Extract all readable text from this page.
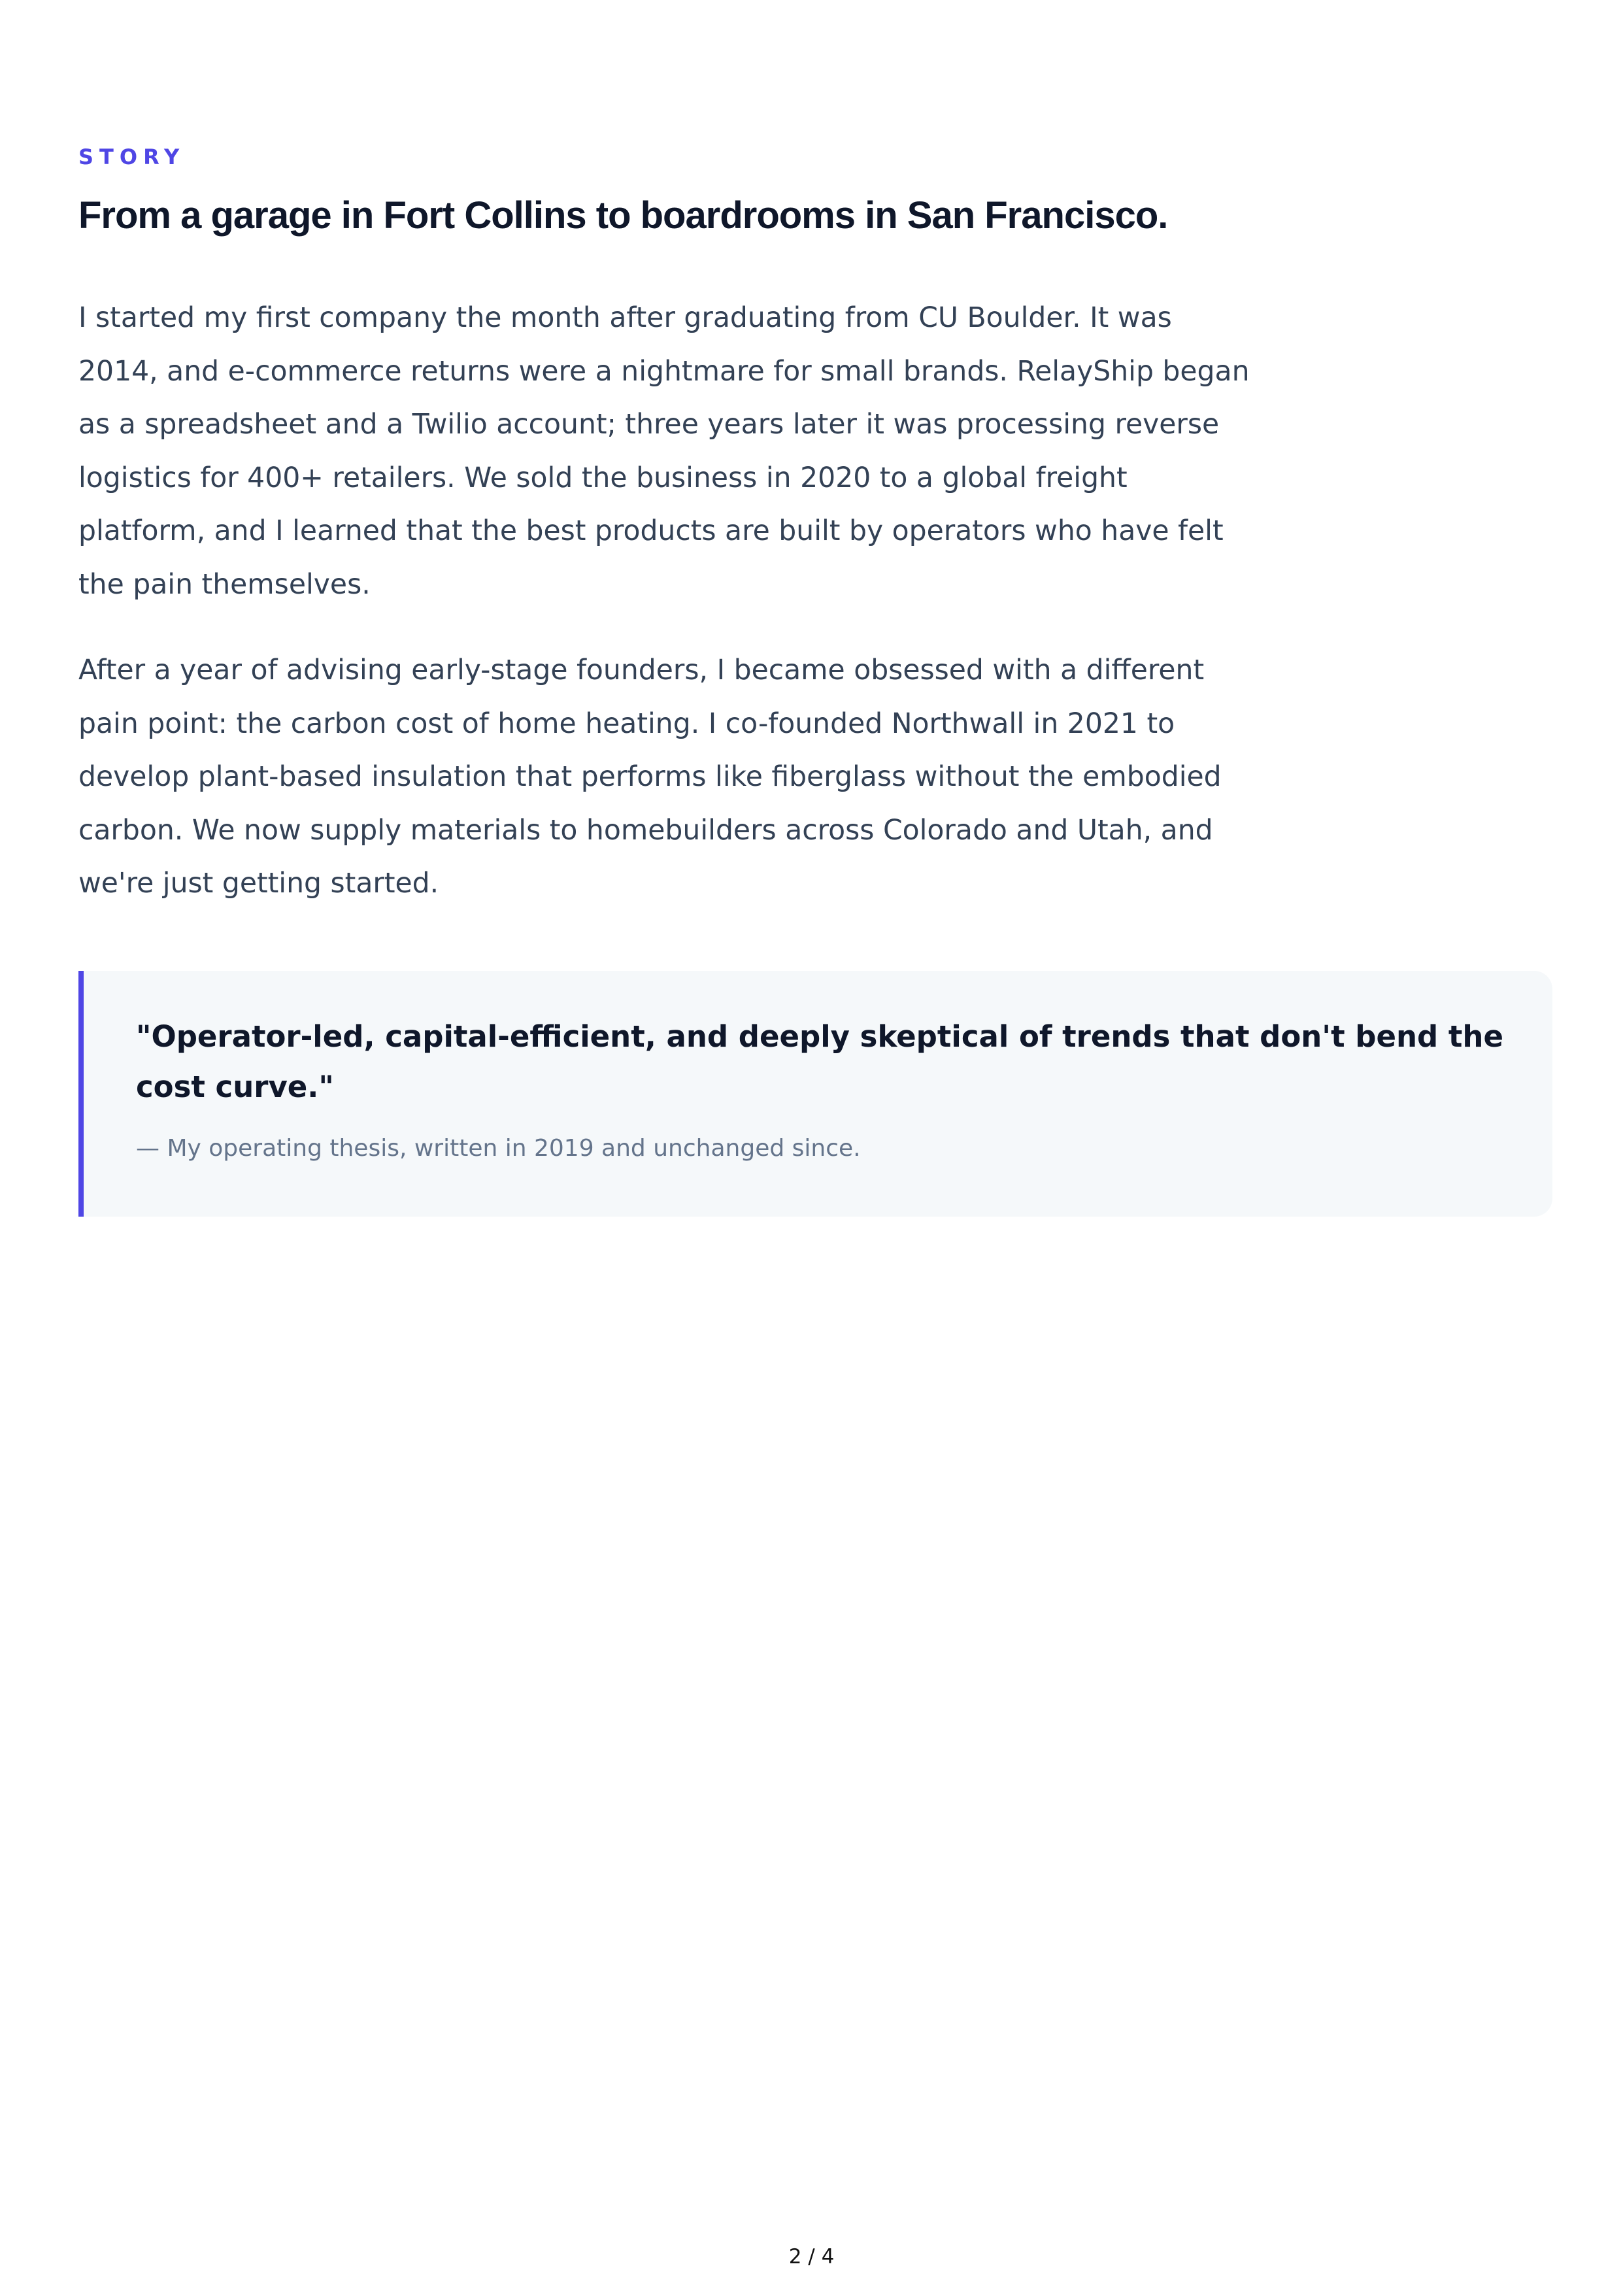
STORY
From a garage in Fort Collins to boardrooms in San Francisco.

I started my first company the month after graduating from CU Boulder. It was 2014, and e-commerce returns were a nightmare for small brands. RelayShip began as a spreadsheet and a Twilio account; three years later it was processing reverse logistics for 400+ retailers. We sold the business in 2020 to a global freight platform, and I learned that the best products are built by operators who have felt the pain themselves.

After a year of advising early-stage founders, I became obsessed with a different pain point: the carbon cost of home heating. I co-founded Northwall in 2021 to develop plant-based insulation that performs like fiberglass without the embodied carbon. We now supply materials to homebuilders across Colorado and Utah, and we're just getting started.

"Operator-led, capital-efficient, and deeply skeptical of trends that don't bend the cost curve."

— My operating thesis, written in 2019 and unchanged since.

2 / 4
